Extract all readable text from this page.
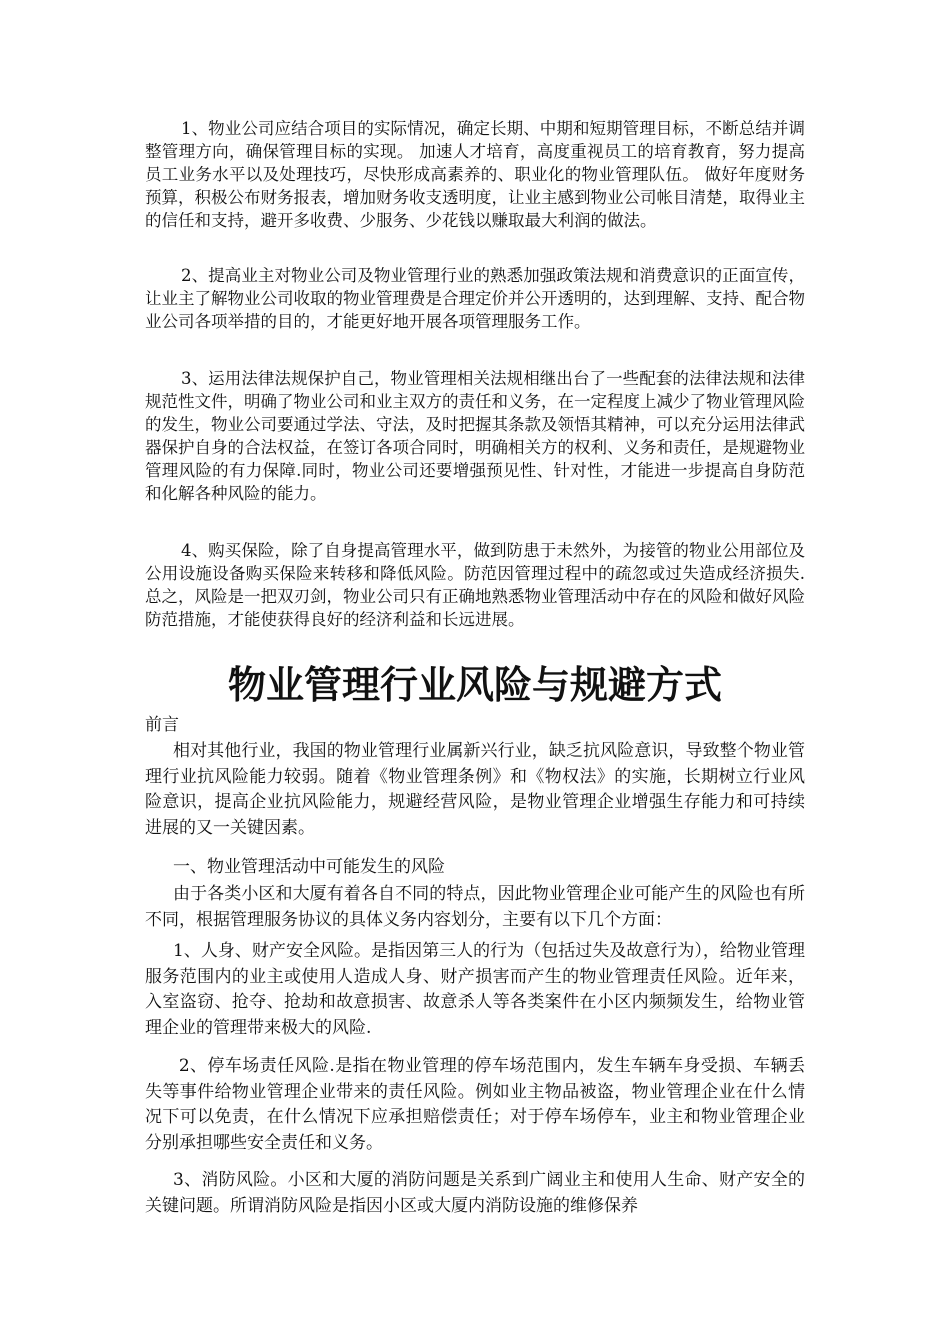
1、物业公司应结合项目的实际情况，确定长期、中期和短期管理目标，不断总结并调整管理方向，确保管理目标的实现。 加速人才培育，高度重视员工的培育教育，努力提高员工业务水平以及处理技巧，尽快形成高素养的、职业化的物业管理队伍。 做好年度财务预算，积极公布财务报表，增加财务收支透明度，让业主感到物业公司帐目清楚，取得业主的信任和支持，避开多收费、少服务、少花钱以赚取最大利润的做法。

2、提高业主对物业公司及物业管理行业的熟悉加强政策法规和消费意识的正面宣传，让业主了解物业公司收取的物业管理费是合理定价并公开透明的，达到理解、支持、配合物业公司各项举措的目的，才能更好地开展各项管理服务工作。

3、运用法律法规保护自己，物业管理相关法规相继出台了一些配套的法律法规和法律规范性文件，明确了物业公司和业主双方的责任和义务，在一定程度上减少了物业管理风险的发生，物业公司要通过学法、守法，及时把握其条款及领悟其精神，可以充分运用法律武器保护自身的合法权益，在签订各项合同时，明确相关方的权利、义务和责任，是规避物业管理风险的有力保障.同时，物业公司还要增强预见性、针对性，才能进一步提高自身防范和化解各种风险的能力。

4、购买保险，除了自身提高管理水平，做到防患于未然外，为接管的物业公用部位及公用设施设备购买保险来转移和降低风险。防范因管理过程中的疏忽或过失造成经济损失.总之，风险是一把双刃剑，物业公司只有正确地熟悉物业管理活动中存在的风险和做好风险防范措施，才能使获得良好的经济利益和长远进展。

物业管理行业风险与规避方式
前言

相对其他行业，我国的物业管理行业属新兴行业，缺乏抗风险意识，导致整个物业管理行业抗风险能力较弱。随着《物业管理条例》和《物权法》的实施，长期树立行业风险意识，提高企业抗风险能力，规避经营风险，是物业管理企业增强生存能力和可持续进展的又一关键因素。

一、物业管理活动中可能发生的风险

由于各类小区和大厦有着各自不同的特点，因此物业管理企业可能产生的风险也有所不同，根据管理服务协议的具体义务内容划分，主要有以下几个方面：

1、人身、财产安全风险。是指因第三人的行为（包括过失及故意行为），给物业管理服务范围内的业主或使用人造成人身、财产损害而产生的物业管理责任风险。近年来，入室盗窃、抢夺、抢劫和故意损害、故意杀人等各类案件在小区内频频发生，给物业管理企业的管理带来极大的风险.

2、停车场责任风险.是指在物业管理的停车场范围内，发生车辆车身受损、车辆丢失等事件给物业管理企业带来的责任风险。例如业主物品被盗，物业管理企业在什么情况下可以免责，在什么情况下应承担赔偿责任；对于停车场停车，业主和物业管理企业分别承担哪些安全责任和义务。

3、消防风险。小区和大厦的消防问题是关系到广阔业主和使用人生命、财产安全的关键问题。所谓消防风险是指因小区或大厦内消防设施的维修保养
